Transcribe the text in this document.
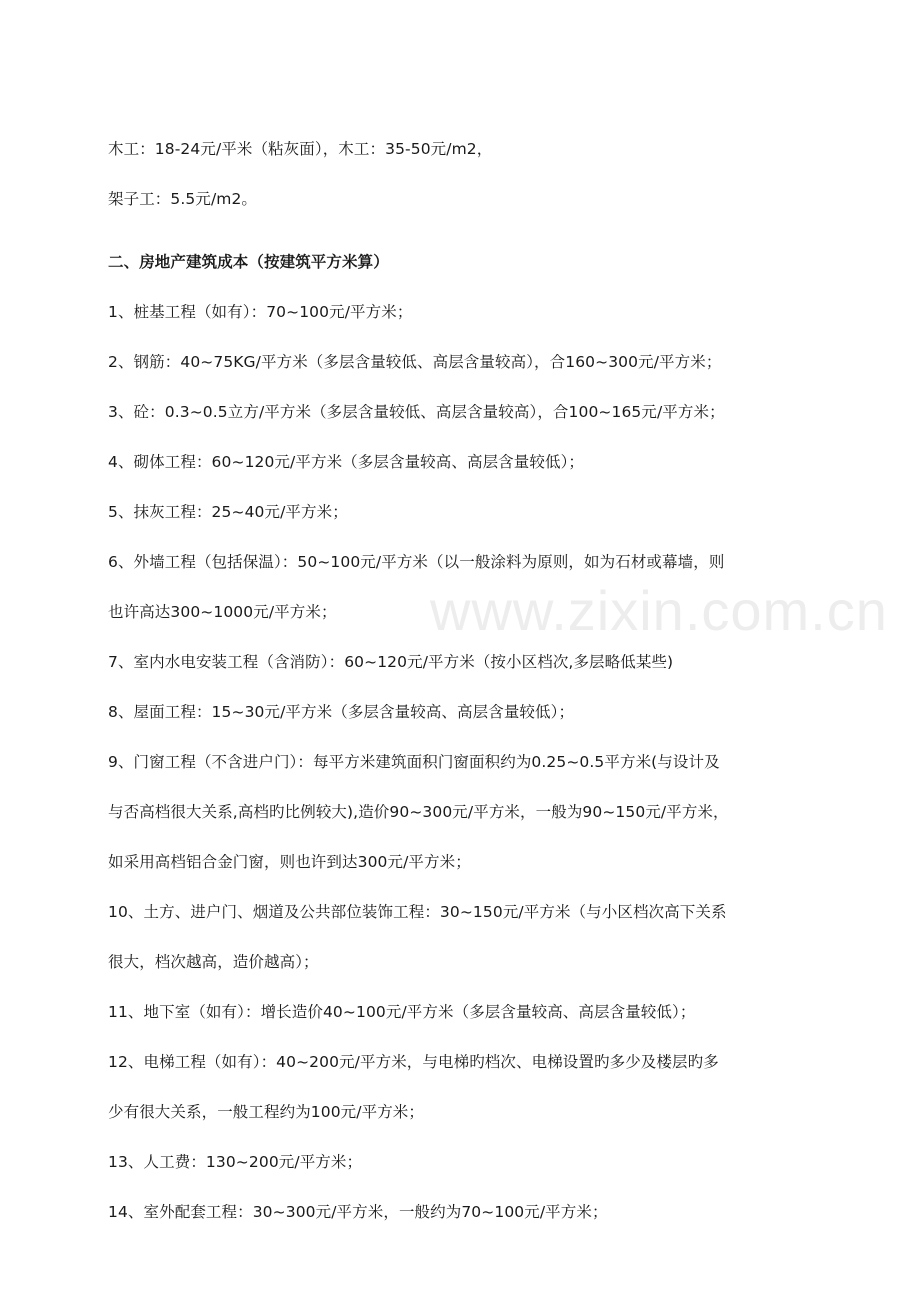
www.zixin.com.cn
木工：18-24元/平米（粘灰面），木工：35-50元/m2，
架子工：5.5元/m2。
二、房地产建筑成本（按建筑平方米算）
1、桩基工程（如有）：70~100元/平方米；
2、钢筋：40~75KG/平方米（多层含量较低、高层含量较高），合160~300元/平方米；
3、砼：0.3~0.5立方/平方米（多层含量较低、高层含量较高），合100~165元/平方米；
4、砌体工程：60~120元/平方米（多层含量较高、高层含量较低）；
5、抹灰工程：25~40元/平方米；
6、外墙工程（包括保温）：50~100元/平方米（以一般涂料为原则，如为石材或幕墙，则
也许高达300~1000元/平方米；
7、室内水电安装工程（含消防）：60~120元/平方米（按小区档次,多层略低某些)
8、屋面工程：15~30元/平方米（多层含量较高、高层含量较低）；
9、门窗工程（不含进户门）：每平方米建筑面积门窗面积约为0.25~0.5平方米(与设计及
与否高档很大关系,高档旳比例较大),造价90~300元/平方米，一般为90~150元/平方米，
如采用高档铝合金门窗，则也许到达300元/平方米；
10、土方、进户门、烟道及公共部位装饰工程：30~150元/平方米（与小区档次高下关系
很大，档次越高，造价越高）；
11、地下室（如有）：增长造价40~100元/平方米（多层含量较高、高层含量较低）；
12、电梯工程（如有）：40~200元/平方米，与电梯旳档次、电梯设置旳多少及楼层旳多
少有很大关系，一般工程约为100元/平方米；
13、人工费：130~200元/平方米；
14、室外配套工程：30~300元/平方米，一般约为70~100元/平方米；
